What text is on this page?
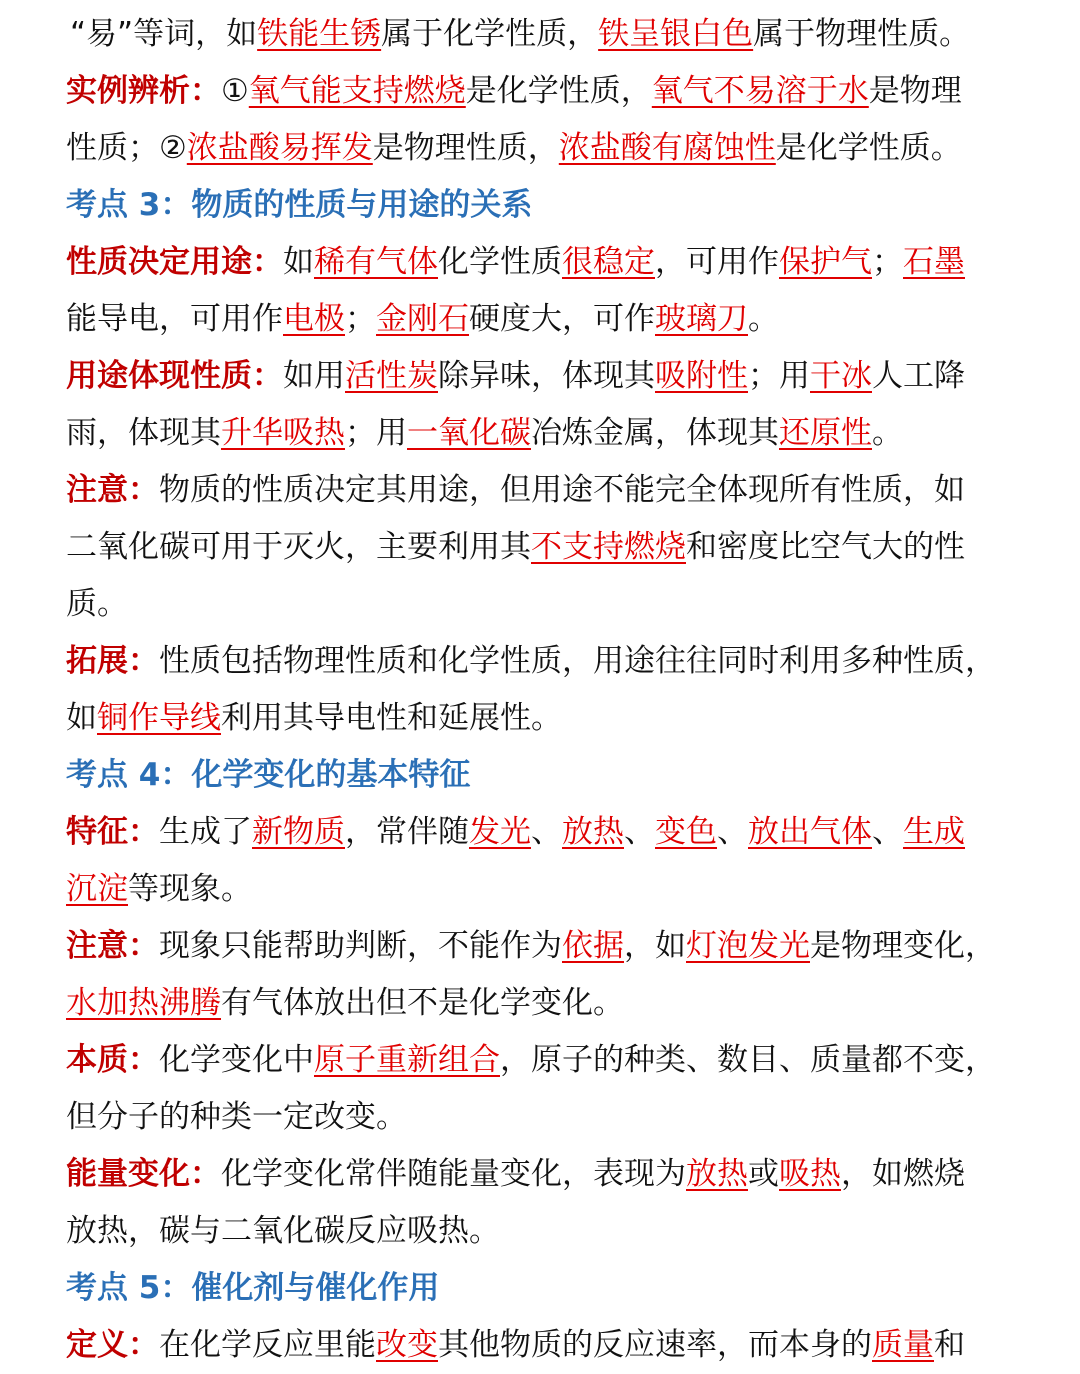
“易”等词，如铁能生锈属于化学性质，铁呈银白色属于物理性质。
实例辨析：①氧气能支持燃烧是化学性质，氧气不易溶于水是物理
性质；②浓盐酸易挥发是物理性质，浓盐酸有腐蚀性是化学性质。
考点 3：物质的性质与用途的关系
性质决定用途：如稀有气体化学性质很稳定，可用作保护气；石墨
能导电，可用作电极；金刚石硬度大，可作玻璃刀。
用途体现性质：如用活性炭除异味，体现其吸附性；用干冰人工降
雨，体现其升华吸热；用一氧化碳冶炼金属，体现其还原性。
注意：物质的性质决定其用途，但用途不能完全体现所有性质，如
二氧化碳可用于灭火，主要利用其不支持燃烧和密度比空气大的性
质。
拓展：性质包括物理性质和化学性质，用途往往同时利用多种性质，
如铜作导线利用其导电性和延展性。
考点 4：化学变化的基本特征
特征：生成了新物质，常伴随发光、放热、变色、放出气体、生成
沉淀等现象。
注意：现象只能帮助判断，不能作为依据，如灯泡发光是物理变化，
水加热沸腾有气体放出但不是化学变化。
本质：化学变化中原子重新组合，原子的种类、数目、质量都不变，
但分子的种类一定改变。
能量变化：化学变化常伴随能量变化，表现为放热或吸热，如燃烧
放热，碳与二氧化碳反应吸热。
考点 5：催化剂与催化作用
定义：在化学反应里能改变其他物质的反应速率，而本身的质量和
